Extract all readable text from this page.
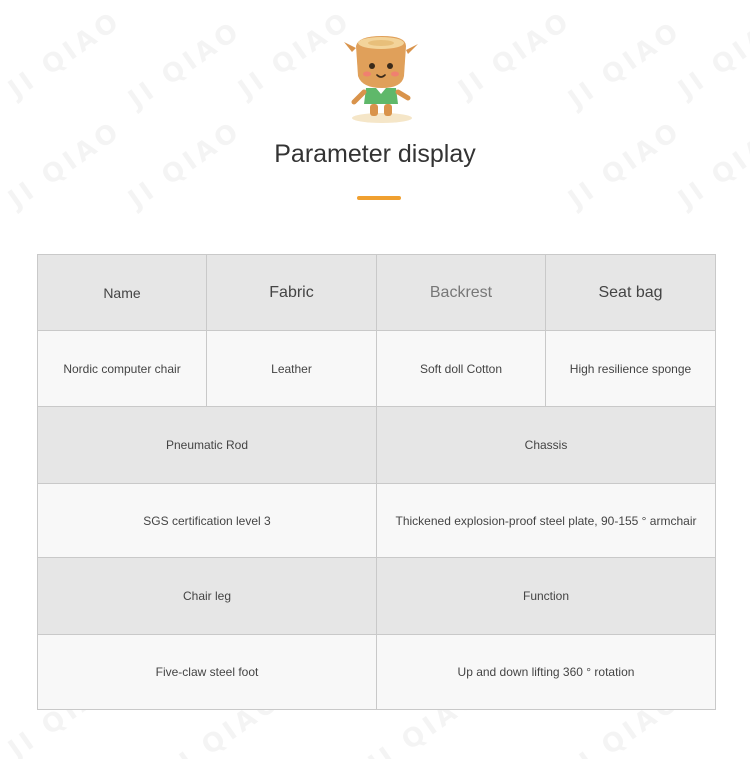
Parameter display
Name	Fabric	Backrest	Seat bag
Nordic computer chair	Leather	Soft doll Cotton	High resilience sponge
Pneumatic Rod		Chassis	
SGS certification level 3		Thickened explosion-proof steel plate, 90-155 ° armchair	
Chair leg		Function	
Five-claw steel foot		Up and down lifting 360 ° rotation	
